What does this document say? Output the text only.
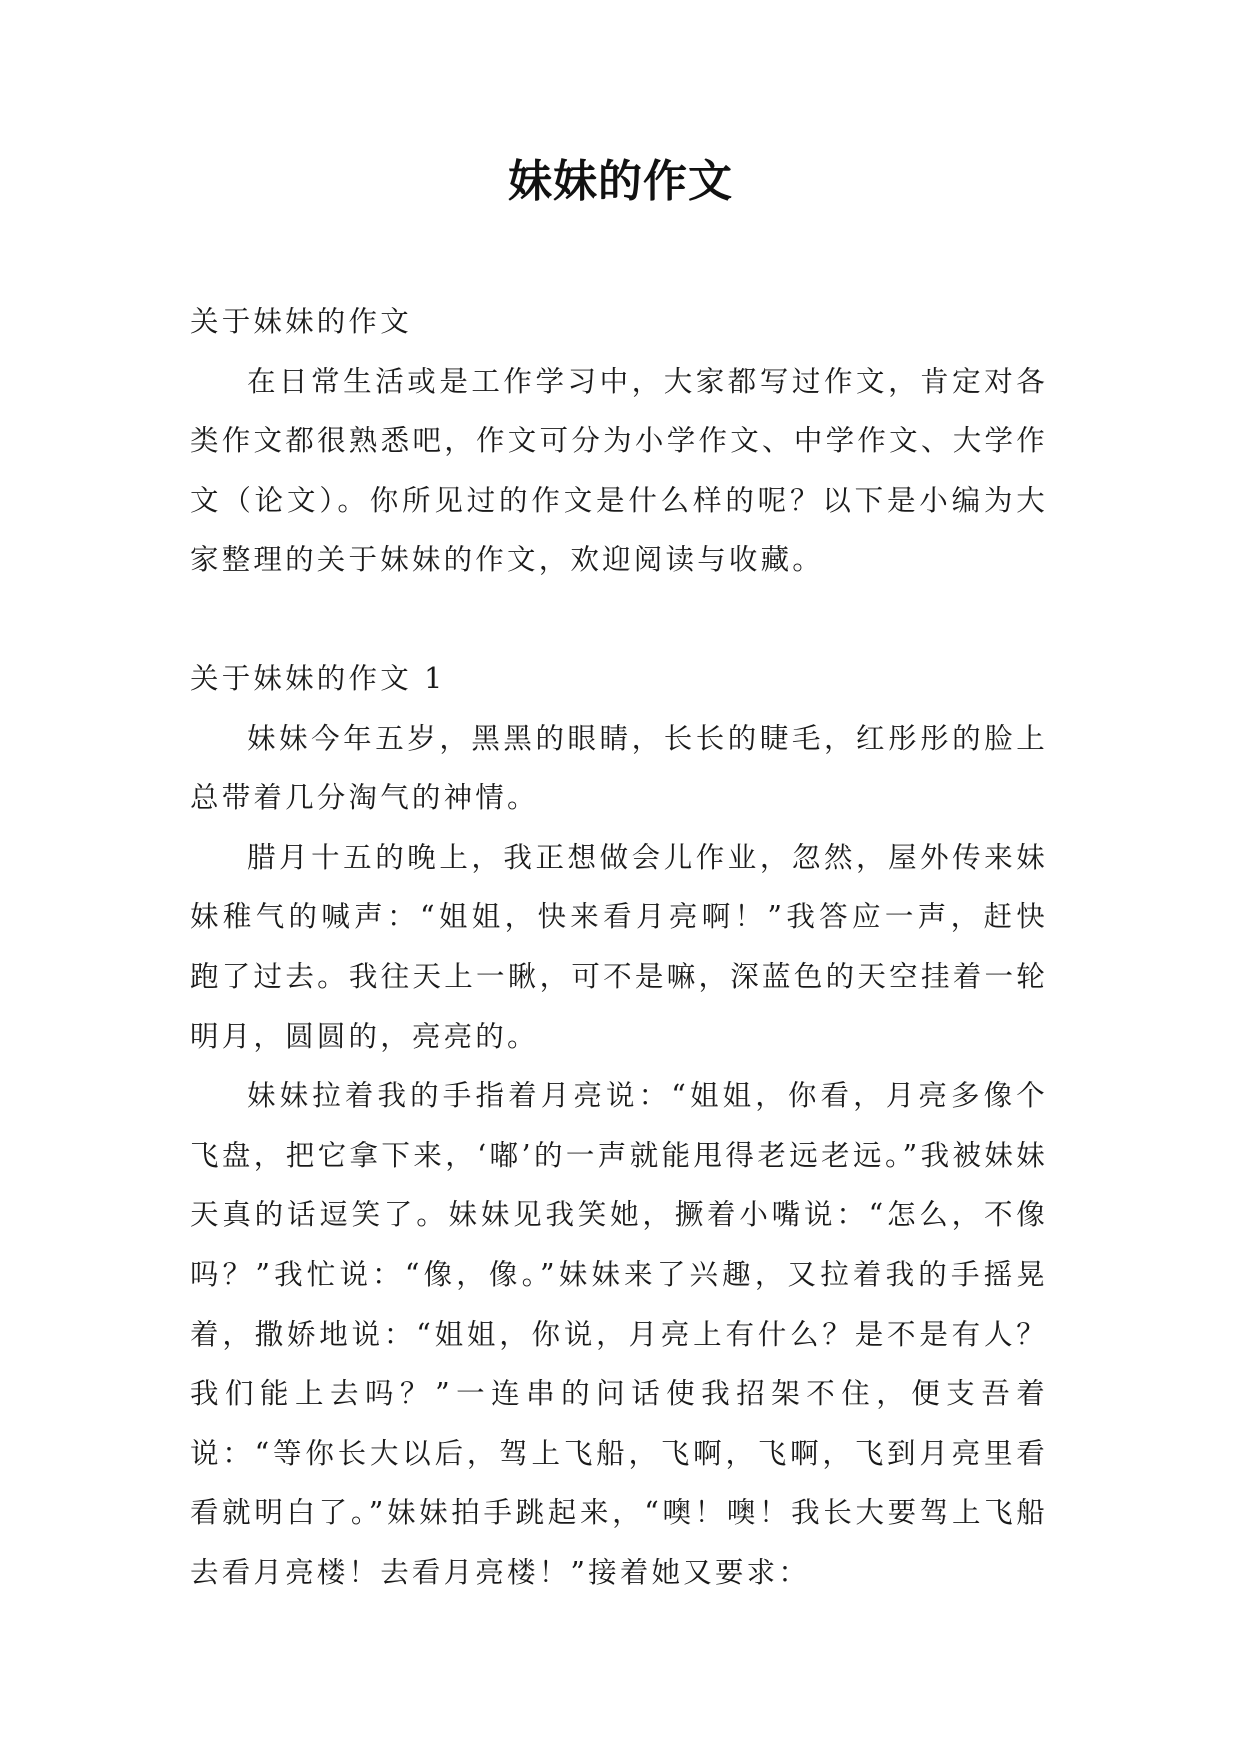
妹妹的作文

关于妹妹的作文

在日常生活或是工作学习中，大家都写过作文，肯定对各类作文都很熟悉吧，作文可分为小学作文、中学作文、大学作文（论文）。你所见过的作文是什么样的呢？以下是小编为大家整理的关于妹妹的作文，欢迎阅读与收藏。

关于妹妹的作文 1

妹妹今年五岁，黑黑的眼睛，长长的睫毛，红彤彤的脸上总带着几分淘气的神情。

腊月十五的晚上，我正想做会儿作业，忽然，屋外传来妹妹稚气的喊声：“姐姐，快来看月亮啊！”我答应一声，赶快跑了过去。我往天上一瞅，可不是嘛，深蓝色的天空挂着一轮明月，圆圆的，亮亮的。

妹妹拉着我的手指着月亮说：“姐姐，你看，月亮多像个飞盘，把它拿下来，‘嘟’的一声就能甩得老远老远。”我被妹妹天真的话逗笑了。妹妹见我笑她，撅着小嘴说：“怎么，不像吗？”我忙说：“像，像。”妹妹来了兴趣，又拉着我的手摇晃着，撒娇地说：“姐姐，你说，月亮上有什么？是不是有人？我们能上去吗？”一连串的问话使我招架不住，便支吾着说：“等你长大以后，驾上飞船，飞啊，飞啊，飞到月亮里看看就明白了。”妹妹拍手跳起来，“噢！噢！我长大要驾上飞船去看月亮楼！去看月亮楼！”接着她又要求：
